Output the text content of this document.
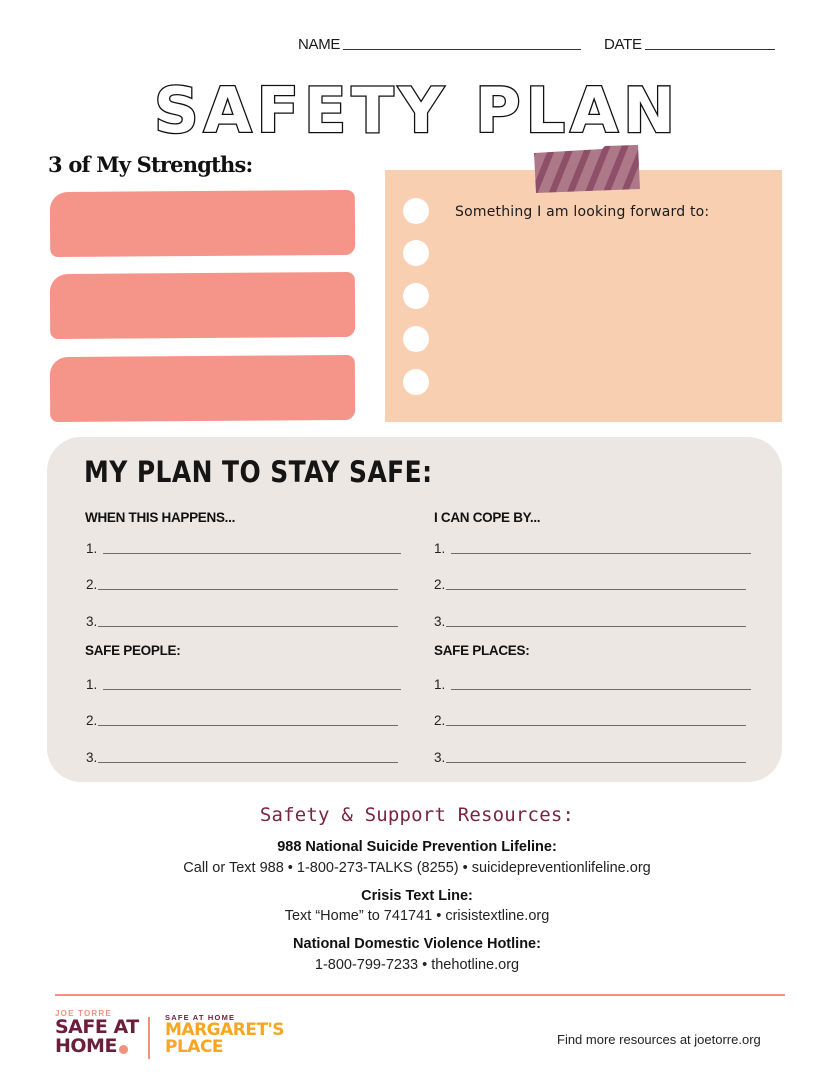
NAME	DATE
SAFETY PLAN
3 of My Strengths:
Something I am looking forward to:
MY PLAN TO STAY SAFE:
WHEN THIS HAPPENS...
1.
2.
3.
I CAN COPE BY...
1.
2.
3.
SAFE PEOPLE:
1.
2.
3.
SAFE PLACES:
1.
2.
3.
Safety & Support Resources:
988 National Suicide Prevention Lifeline:
Call or Text 988 • 1-800-273-TALKS (8255) • suicidepreventionlifeline.org
Crisis Text Line:
Text “Home” to 741741 • crisistextline.org
National Domestic Violence Hotline:
1-800-799-7233 • thehotline.org
JOE TORRE
SAFE AT
HOME
SAFE AT HOME
MARGARET'S
PLACE	Find more resources at joetorre.org
